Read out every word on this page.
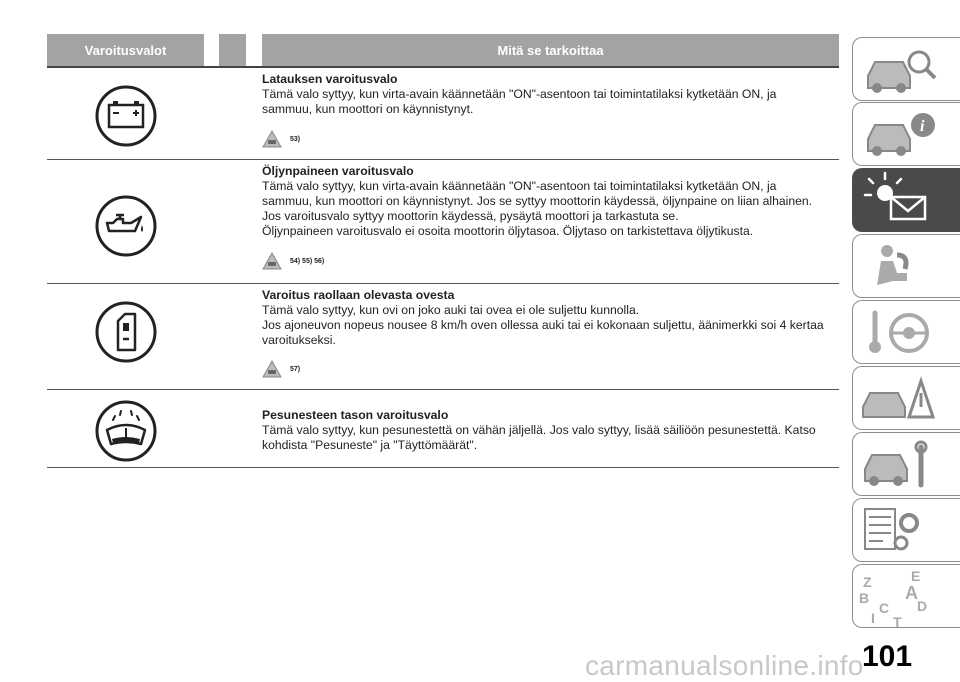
Varoitusvalot	Mitä se tarkoittaa
Latauksen varoitusvalo
Tämä valo syttyy, kun virta-avain käännetään "ON"-asentoon tai toimintatilaksi kytketään ON, ja
sammuu, kun moottori on käynnistynyt.
53)
Öljynpaineen varoitusvalo
Tämä valo syttyy, kun virta-avain käännetään "ON"-asentoon tai toimintatilaksi kytketään ON, ja
sammuu, kun moottori on käynnistynyt. Jos se syttyy moottorin käydessä, öljynpaine on liian alhainen.
Jos varoitusvalo syttyy moottorin käydessä, pysäytä moottori ja tarkastuta se.
Öljynpaineen varoitusvalo ei osoita moottorin öljytasoa. Öljytaso on tarkistettava öljytikusta.
54) 55) 56)
Varoitus raollaan olevasta ovesta
Tämä valo syttyy, kun ovi on joko auki tai ovea ei ole suljettu kunnolla.
Jos ajoneuvon nopeus nousee 8 km/h oven ollessa auki tai ei kokonaan suljettu, äänimerkki soi 4 kertaa
varoitukseksi.
57)
Pesunesteen tason varoitusvalo
Tämä valo syttyy, kun pesunestettä on vähän jäljellä. Jos valo syttyy, lisää säiliöön pesunestettä. Katso
kohdista "Pesuneste" ja "Täyttömäärät".
i
Z	E
A
B
C D
I T
carmanualsonline.info
101
